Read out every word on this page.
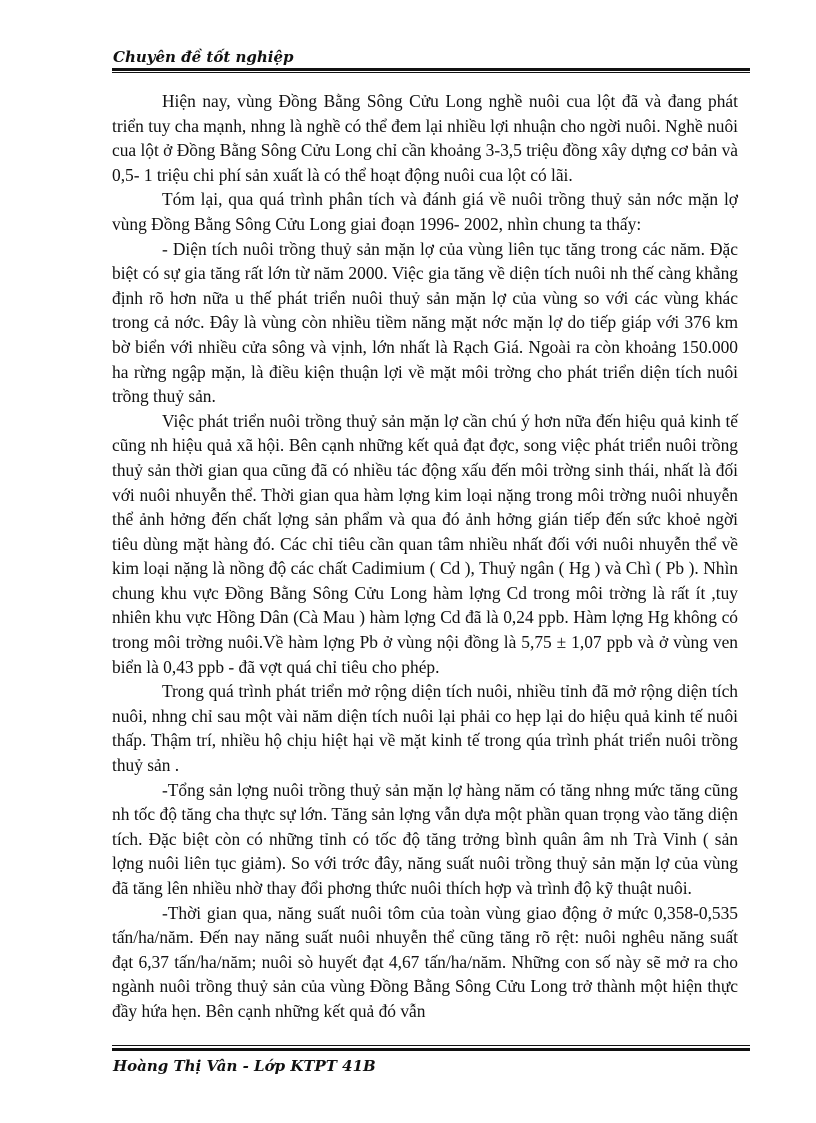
Chuyên đề tốt nghiệp

Hiện nay, vùng Đồng Bằng Sông Cửu Long nghề nuôi cua lột đã và đang phát triển tuy cha mạnh, nhng là nghề có thể đem lại nhiều lợi nhuận cho ngời nuôi. Nghề nuôi cua lột ở Đồng Bằng Sông Cửu Long chỉ cần khoảng 3-3,5 triệu đồng xây dựng cơ bản và 0,5- 1 triệu chi phí sản xuất là có thể hoạt động nuôi cua lột có lãi.

Tóm lại, qua quá trình phân tích và đánh giá về nuôi trồng thuỷ sản nớc mặn lợ vùng Đồng Bằng Sông Cửu Long giai đoạn 1996- 2002, nhìn chung ta thấy:

- Diện tích nuôi trồng thuỷ sản mặn lợ của vùng liên tục tăng trong các năm. Đặc biệt có sự gia tăng rất lớn từ năm 2000. Việc gia tăng về diện tích nuôi nh thế càng khẳng định rõ hơn nữa u thế phát triển nuôi thuỷ sản mặn lợ của vùng so với các vùng khác trong cả nớc. Đây là vùng còn nhiều tiềm năng mặt nớc mặn lợ do tiếp giáp với 376 km bờ biển với nhiều cửa sông và vịnh, lớn nhất là Rạch Giá. Ngoài ra còn khoảng 150.000 ha rừng ngập mặn, là điều kiện thuận lợi về mặt môi trờng cho phát triển diện tích nuôi trồng thuỷ sản.

Việc phát triển nuôi trồng thuỷ sản mặn lợ cần chú ý hơn nữa đến hiệu quả kinh tế cũng nh hiệu quả xã hội. Bên cạnh những kết quả đạt đợc, song việc phát triển nuôi trồng thuỷ sản thời gian qua cũng đã có nhiều tác động xấu đến môi trờng sinh thái, nhất là đối với nuôi nhuyễn thể. Thời gian qua hàm lợng kim loại nặng trong môi trờng nuôi nhuyễn thể ảnh hởng đến chất lợng sản phẩm và qua đó ảnh hởng gián tiếp đến sức khoẻ ngời tiêu dùng mặt hàng đó. Các chỉ tiêu cần quan tâm nhiều nhất đối với nuôi nhuyễn thể về kim loại nặng là nồng độ các chất Cadimium ( Cd ), Thuỷ ngân ( Hg ) và Chì ( Pb ). Nhìn chung khu vực Đồng Bằng Sông Cửu Long hàm lợng Cd trong môi trờng là rất ít ,tuy nhiên khu vực Hồng Dân (Cà Mau ) hàm lợng Cd đã là 0,24 ppb. Hàm lợng Hg không có trong môi trờng nuôi.Về hàm lợng Pb ở vùng nội đồng là 5,75 ± 1,07 ppb và ở vùng ven biển là 0,43 ppb - đã vợt quá chỉ tiêu cho phép.

Trong quá trình phát triển mở rộng diện tích nuôi, nhiều tỉnh đã mở rộng diện tích nuôi, nhng chỉ sau một vài năm diện tích nuôi lại phải co hẹp lại do hiệu quả kinh tế nuôi thấp. Thậm trí, nhiều hộ chịu hiệt hại về mặt kinh tế trong qúa trình phát triển nuôi trồng thuỷ sản .

-Tổng sản lợng nuôi trồng thuỷ sản mặn lợ hàng năm có tăng nhng mức tăng cũng nh tốc độ tăng cha thực sự lớn. Tăng sản lợng vẫn dựa một phần quan trọng vào tăng diện tích. Đặc biệt còn có những tỉnh có tốc độ tăng trởng bình quân âm nh Trà Vinh ( sản lợng nuôi liên tục giảm). So với trớc đây, năng suất nuôi trồng thuỷ sản mặn lợ của vùng đã tăng lên nhiều nhờ thay đổi phơng thức nuôi thích hợp và trình độ kỹ thuật nuôi.

-Thời gian qua, năng suất nuôi tôm của toàn vùng giao động ở mức 0,358-0,535 tấn/ha/năm. Đến nay năng suất nuôi nhuyễn thể cũng tăng rõ rệt: nuôi nghêu năng suất đạt 6,37 tấn/ha/năm; nuôi sò huyết đạt 4,67 tấn/ha/năm. Những con số này sẽ mở ra cho ngành nuôi trồng thuỷ sản của vùng Đồng Bằng Sông Cửu Long trở thành một hiện thực đầy hứa hẹn. Bên cạnh những kết quả đó vẫn

Hoàng Thị Vân - Lớp KTPT 41B
